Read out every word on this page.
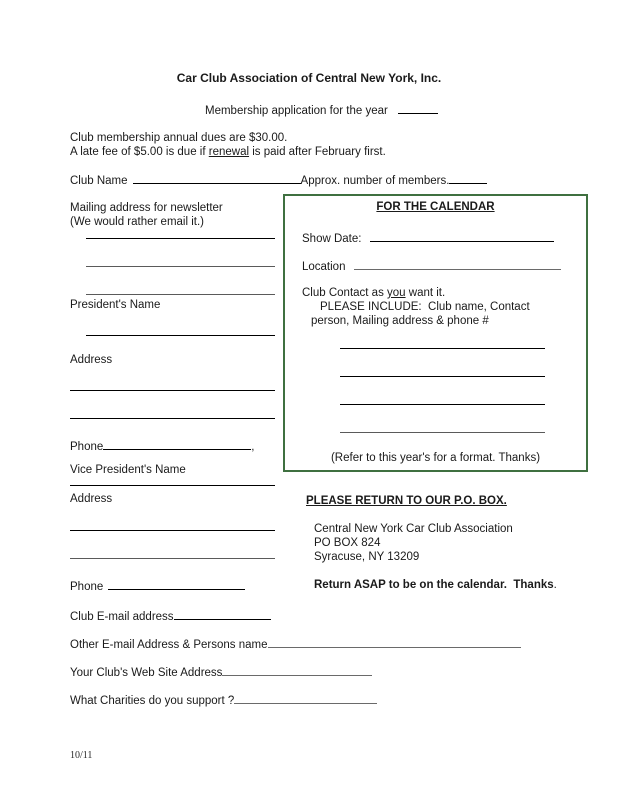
Car Club Association of Central New York, Inc.
Membership application for the year
Club membership annual dues are $30.00.
A late fee of $5.00 is due if renewal is paid after February first.
Club Name	Approx. number of members.
Mailing address for newsletter
(We would rather email it.)
President's Name
Address
Phone	,
Vice President's Name
Address
Phone
FOR THE CALENDAR
Show Date:
Location
Club Contact as you want it.
PLEASE INCLUDE:  Club name, Contact
person, Mailing address & phone #
(Refer to this year's for a format. Thanks)
PLEASE RETURN TO OUR P.O. BOX.
Central New York Car Club Association
PO BOX 824
Syracuse, NY 13209
Return ASAP to be on the calendar.  Thanks.
Club E-mail address
Other E-mail Address & Persons name
Your Club's Web Site Address
What Charities do you support ?
10/11
